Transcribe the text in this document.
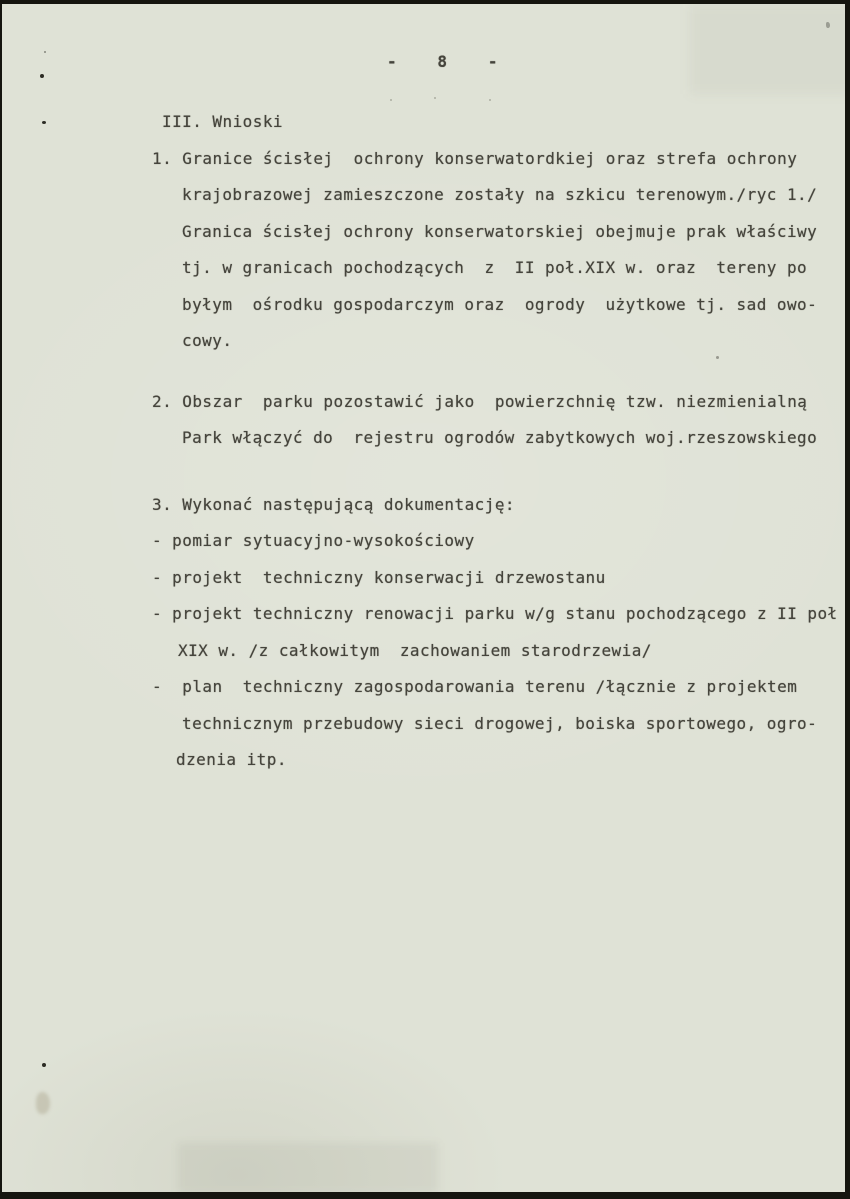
-    8    -
III. Wnioski
1. Granice ścisłej  ochrony konserwatordkiej oraz strefa ochrony
krajobrazowej zamieszczone zostały na szkicu terenowym./ryc 1./
Granica ścisłej ochrony konserwatorskiej obejmuje prak właściwy
tj. w granicach pochodzących  z  II poł.XIX w. oraz  tereny po
byłym  ośrodku gospodarczym oraz  ogrody  użytkowe tj. sad owo-
cowy.
2. Obszar  parku pozostawić jako  powierzchnię tzw. niezmienialną
Park włączyć do  rejestru ogrodów zabytkowych woj.rzeszowskiego
3. Wykonać następującą dokumentację:
- pomiar sytuacyjno-wysokościowy
- projekt  techniczny konserwacji drzewostanu
- projekt techniczny renowacji parku w/g stanu pochodzącego z II poł
XIX w. /z całkowitym  zachowaniem starodrzewia/
-  plan  techniczny zagospodarowania terenu /łącznie z projektem
technicznym przebudowy sieci drogowej, boiska sportowego, ogro-
dzenia itp.
